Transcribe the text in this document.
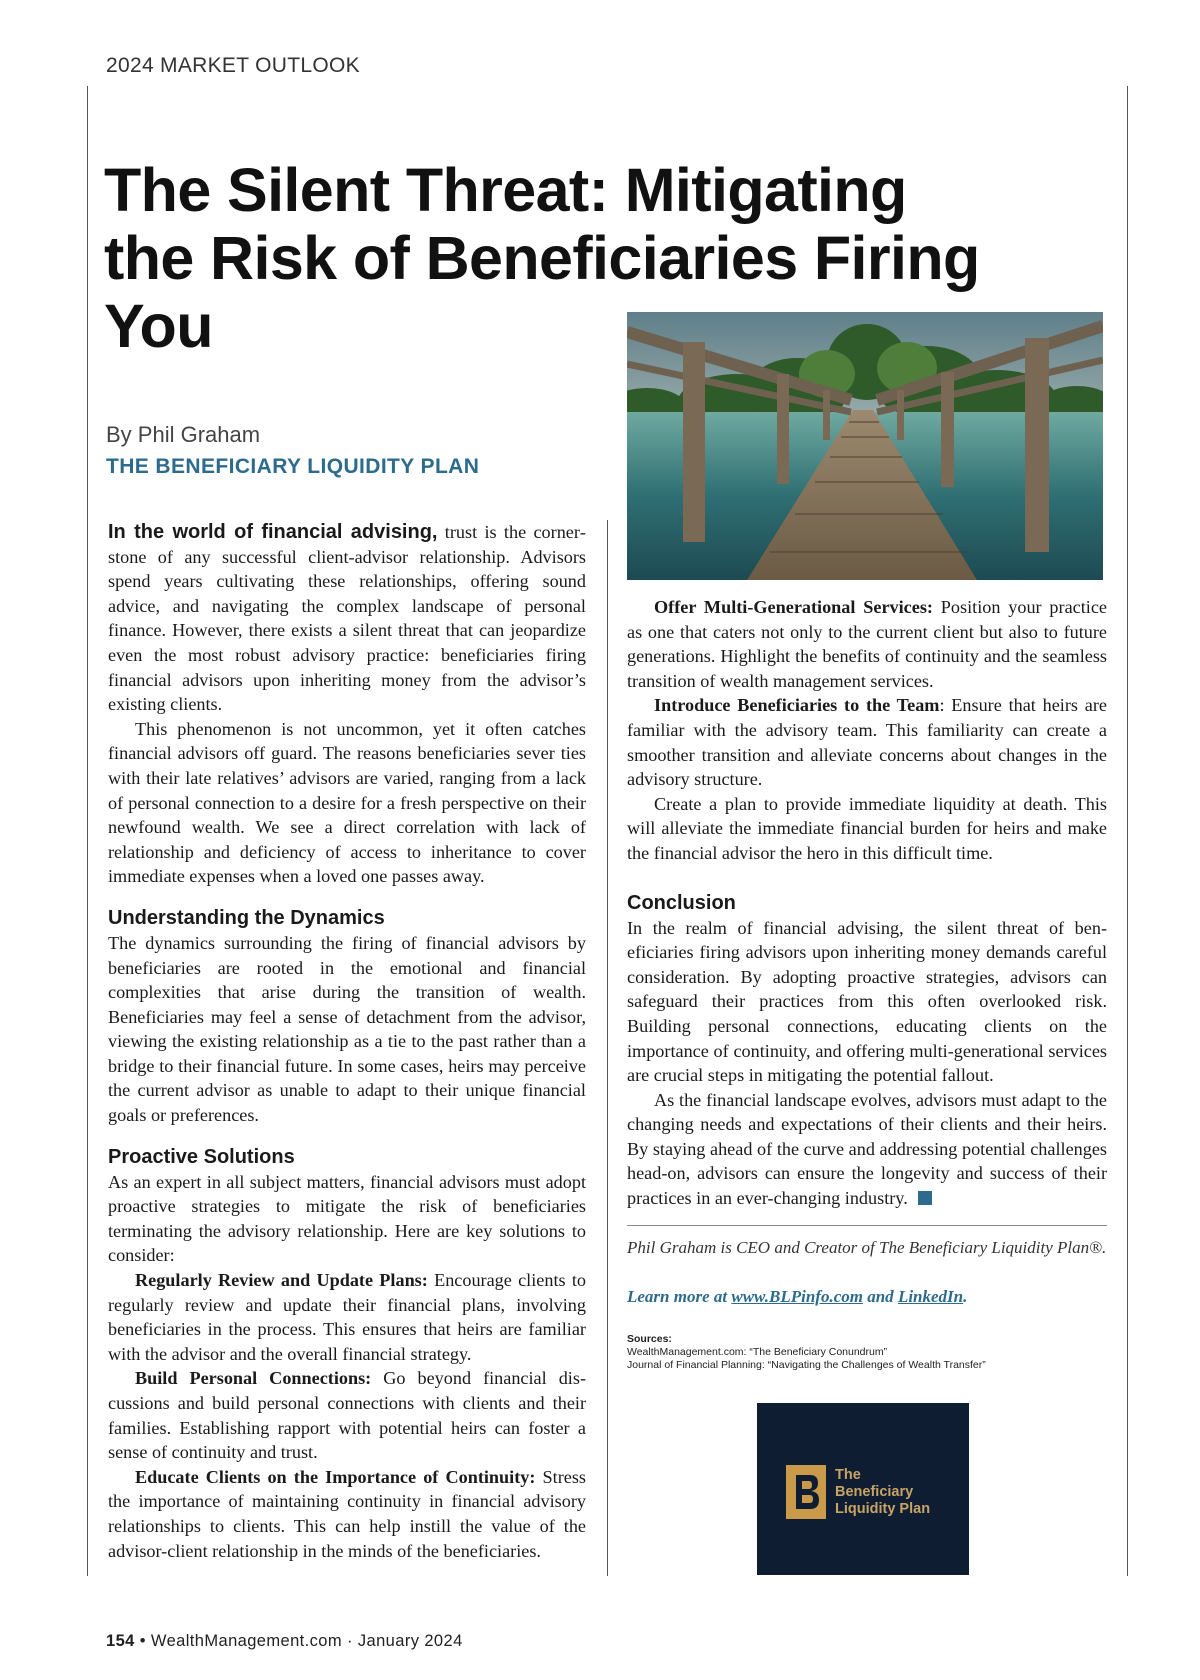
2024 MARKET OUTLOOK
The Silent Threat: Mitigating the Risk of Beneficiaries Firing You
By Phil Graham
THE BENEFICIARY LIQUIDITY PLAN

In the world of financial advising, trust is the cornerstone of any successful client-advisor relationship. Advisors spend years cultivating these relationships, offering sound advice, and navigating the complex landscape of personal finance. However, there exists a silent threat that can jeopardize even the most robust advisory practice: beneficiaries firing financial advisors upon inheriting money from the advisor’s existing clients.

This phenomenon is not uncommon, yet it often catches financial advisors off guard. The reasons beneficiaries sever ties with their late relatives’ advisors are varied, ranging from a lack of personal connection to a desire for a fresh perspective on their newfound wealth. We see a direct correlation with lack of relationship and deficiency of access to inheritance to cover immediate expenses when a loved one passes away.

Understanding the Dynamics

The dynamics surrounding the firing of financial advisors by beneficiaries are rooted in the emotional and financial complexities that arise during the transition of wealth. Beneficiaries may feel a sense of detachment from the advisor, viewing the existing relationship as a tie to the past rather than a bridge to their financial future. In some cases, heirs may perceive the current advisor as unable to adapt to their unique financial goals or preferences.

Proactive Solutions

As an expert in all subject matters, financial advisors must adopt proactive strategies to mitigate the risk of beneficiaries terminating the advisory relationship. Here are key solutions to consider:

Regularly Review and Update Plans: Encourage clients to regularly review and update their financial plans, involving beneficiaries in the process. This ensures that heirs are familiar with the advisor and the overall financial strategy.

Build Personal Connections: Go beyond financial discussions and build personal connections with clients and their families. Establishing rapport with potential heirs can foster a sense of continuity and trust.

Educate Clients on the Importance of Continuity: Stress the importance of maintaining continuity in financial advisory relationships to clients. This can help instill the value of the advisor-client relationship in the minds of the beneficiaries.

Offer Multi-Generational Services: Position your practice as one that caters not only to the current client but also to future generations. Highlight the benefits of continuity and the seamless transition of wealth management services.

Introduce Beneficiaries to the Team: Ensure that heirs are familiar with the advisory team. This familiarity can create a smoother transition and alleviate concerns about changes in the advisory structure.

Create a plan to provide immediate liquidity at death. This will alleviate the immediate financial burden for heirs and make the financial advisor the hero in this difficult time.

Conclusion

In the realm of financial advising, the silent threat of beneficiaries firing advisors upon inheriting money demands careful consideration. By adopting proactive strategies, advisors can safeguard their practices from this often overlooked risk. Building personal connections, educating clients on the importance of continuity, and offering multi-generational services are crucial steps in mitigating the potential fallout.

As the financial landscape evolves, advisors must adapt to the changing needs and expectations of their clients and their heirs. By staying ahead of the curve and addressing potential challenges head-on, advisors can ensure the longevity and success of their practices in an ever-changing industry.

Phil Graham is CEO and Creator of The Beneficiary Liquidity Plan®.
Learn more at www.BLPinfo.com and LinkedIn.
Sources:
WealthManagement.com: “The Beneficiary Conundrum”
Journal of Financial Planning: “Navigating the Challenges of Wealth Transfer”
The
Beneficiary
Liquidity Plan
154 • WealthManagement.com · January 2024
